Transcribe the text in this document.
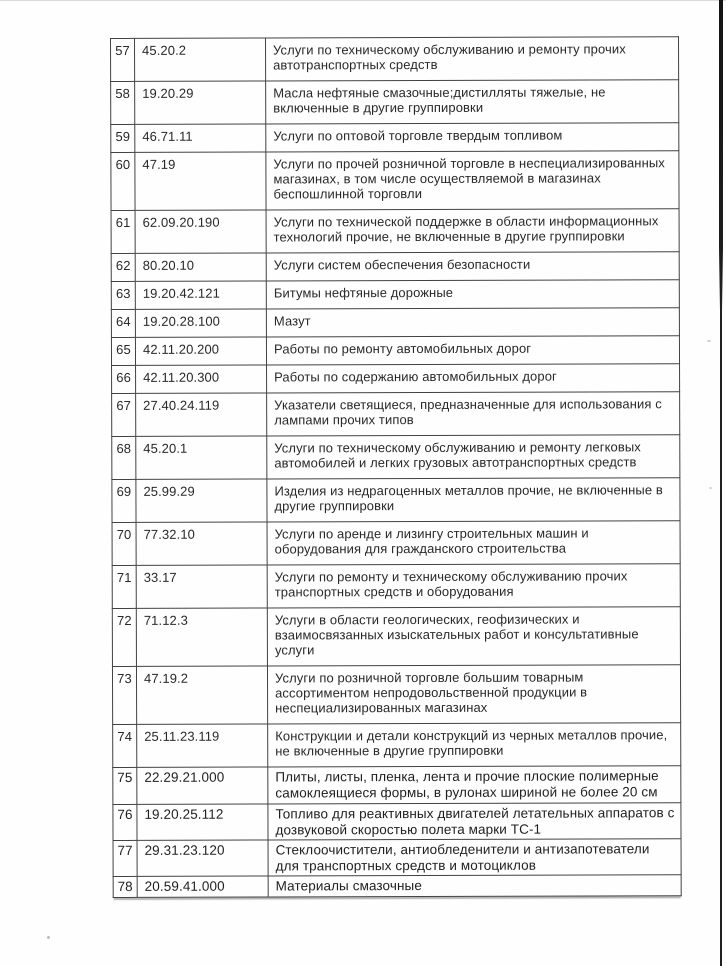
57	45.20.2	Услуги по техническому обслуживанию и ремонту прочих автотранспортных средств
58	19.20.29	Масла нефтяные смазочные;дистилляты тяжелые, не включенные в другие группировки
59	46.71.11	Услуги по оптовой торговле твердым топливом
60	47.19	Услуги по прочей розничной торговле в неспециализированных магазинах, в том числе осуществляемой в магазинах беспошлинной торговли
61	62.09.20.190	Услуги по технической поддержке в области информационных технологий прочие, не включенные в другие группировки
62	80.20.10	Услуги систем обеспечения безопасности
63	19.20.42.121	Битумы нефтяные дорожные
64	19.20.28.100	Мазут
65	42.11.20.200	Работы по ремонту автомобильных дорог
66	42.11.20.300	Работы по содержанию автомобильных дорог
67	27.40.24.119	Указатели светящиеся, предназначенные для использования с лампами прочих типов
68	45.20.1	Услуги по техническому обслуживанию и ремонту легковых автомобилей и легких грузовых автотранспортных средств
69	25.99.29	Изделия из недрагоценных металлов прочие, не включенные в другие группировки
70	77.32.10	Услуги по аренде и лизингу строительных машин и оборудования для гражданского строительства
71	33.17	Услуги по ремонту и техническому обслуживанию прочих транспортных средств и оборудования
72	71.12.3	Услуги в области геологических, геофизических и взаимосвязанных изыскательных работ и консультативные услуги
73	47.19.2	Услуги по розничной торговле большим товарным ассортиментом непродовольственной продукции в неспециализированных магазинах
74	25.11.23.119	Конструкции и детали конструкций из черных металлов прочие, не включенные в другие группировки
75	22.29.21.000	Плиты, листы, пленка, лента и прочие плоские полимерные самоклеящиеся формы, в рулонах шириной не более 20 см
76	19.20.25.112	Топливо для реактивных двигателей летательных аппаратов с дозвуковой скоростью полета марки ТС-1
77	29.31.23.120	Стеклоочистители, антиобледенители и антизапотеватели для транспортных средств и мотоциклов
78	20.59.41.000	Материалы смазочные
